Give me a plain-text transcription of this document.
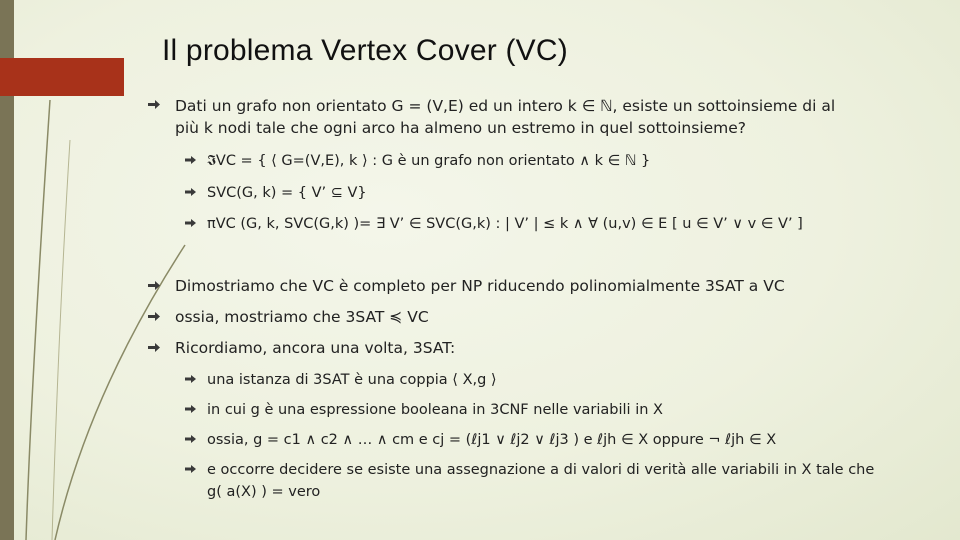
Il problema Vertex Cover (VC)
Dati un grafo non orientato G = (V,E) ed un intero k ∈ ℕ, esiste un sottoinsieme di al
più k nodi tale che ogni arco ha almeno un estremo in quel sottoinsieme?
𝕴VC = { ⟨ G=(V,E), k ⟩ : G è un grafo non orientato ∧ k ∈ ℕ }
SVC(G, k) = { V’ ⊆ V}
πVC (G, k, SVC(G,k) )= ∃ V’ ∈ SVC(G,k) : | V’ | ≤ k ∧ ∀ (u,v) ∈ E [ u ∈ V’ ∨ v ∈ V’ ]
Dimostriamo che VC è completo per NP riducendo polinomialmente 3SAT a VC
ossia, mostriamo che 3SAT ≼ VC
Ricordiamo, ancora una volta, 3SAT:
una istanza di 3SAT è una coppia ⟨ X,g ⟩
in cui g è una espressione booleana in 3CNF nelle variabili in X
ossia, g = c1 ∧ c2 ∧ … ∧ cm e cj = (ℓj1 ∨ ℓj2 ∨ ℓj3 ) e ℓjh ∈ X oppure ¬ ℓjh ∈ X
e occorre decidere se esiste una assegnazione a di valori di verità alle variabili in X tale che
g( a(X) ) = vero
